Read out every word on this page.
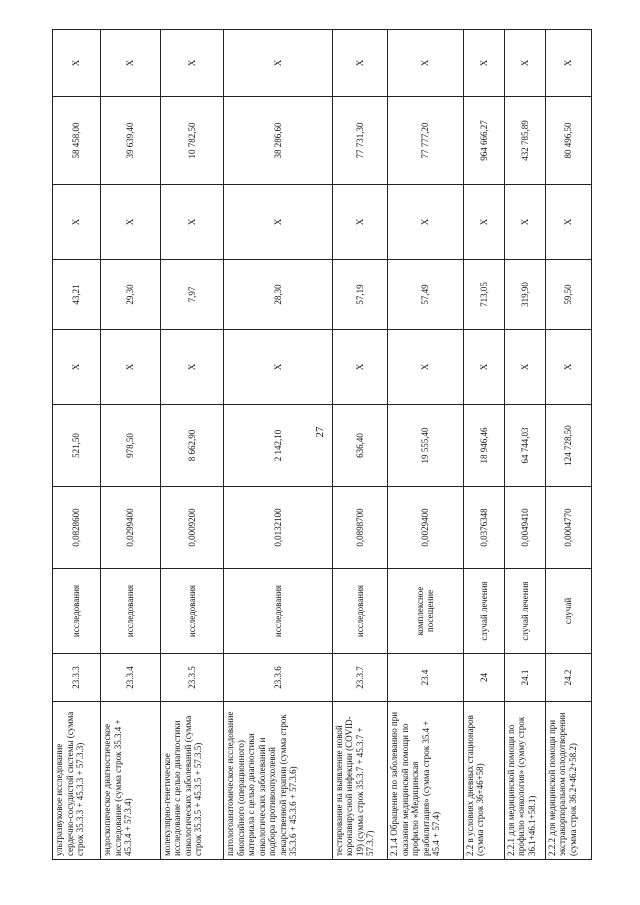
27
ультразвуковое исследование сердечно-сосудистой системы (сумма строк 35.3.3 + 45.3.3 + 57.3.3)	23.3.3	исследования	0,0828600	521,50	X	43,21	X	58 458,00	X
эндоскопическое диагностическое исследование (сумма строк 35.3.4 + 45.3.4 + 57.3.4)	23.3.4	исследования	0,0299400	978,50	X	29,30	X	39 639,40	X
молекулярно-генетическое исследование с целью диагностики онкологических заболеваний (сумма строк 35.3.5 + 45.3.5 + 57.3.5)	23.3.5	исследования	0,0009200	8 662,90	X	7,97	X	10 782,50	X
патологоанатомическое исследование биопсийного (операционного) материала с целью диагностики онкологических заболеваний и подбора противоопухолевой лекарственной терапии (сумма строк 35.3.6 + 45.3.6 + 57.3.6)	23.3.6	исследования	0,0132100	2 142,10	X	28,30	X	38 286,60	X
тестирование на выявление новой коронавирусной инфекции (COVID-19) (сумма строк 35.3.7 + 45.3.7 + 57.3.7)	23.3.7	исследования	0,0898700	636,40	X	57,19	X	77 731,30	X
2.1.4 Обращение по заболеванию при оказании медицинской помощи по профилю «Медицинская реабилитация» (сумма строк 35.4 + 45.4 + 57.4)	23.4	комплексное посещение	0,0029400	19 555,40	X	57,49	X	77 777,20	X
2.2 в условиях дневных стационаров (сумма строк 36+46+58)	24	случай лечения	0,0376348	18 946,46	X	713,05	X	964 666,27	X
2.2.1 для медицинской помощи по профилю «онкология» (сумму строк 36.1+46.1+58.1)	24.1	случай лечения	0,0049410	64 744,03	X	319,90	X	432 785,89	X
2.2.2 для медицинской помощи при экстракорпоральном оплодотворении (сумма строк 36.2+46.2+58.2)	24.2	случай	0,0004770	124 728,50	X	59,50	X	80 496,50	X
